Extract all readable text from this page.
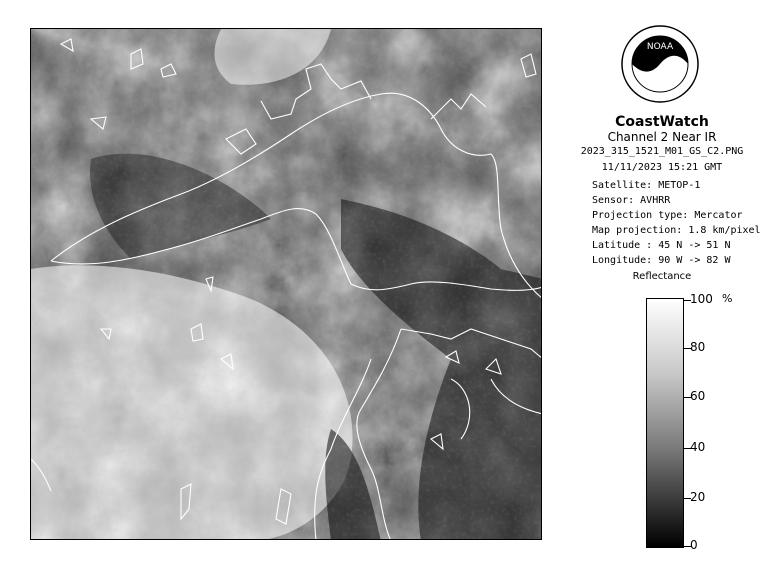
NOAA
CoastWatch
Channel 2 Near IR
2023_315_1521_M01_GS_C2.PNG
11/11/2023 15:21 GMT
Satellite: METOP-1
Sensor: AVHRR
Projection type: Mercator
Map projection: 1.8 km/pixel
Latitude : 45 N -> 51 N
Longitude: 90 W -> 82 W
Reflectance
%
100
80
60
40
20
0
